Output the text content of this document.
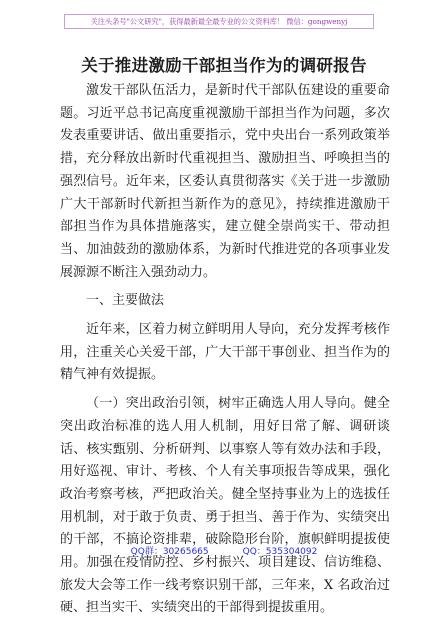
关注头条号"公文研究"，获得最新最全最专业的公文资料库！ 微信：gongwenyj
关于推进激励干部担当作为的调研报告

激发干部队伍活力，是新时代干部队伍建设的重要命题。习近平总书记高度重视激励干部担当作为问题，多次发表重要讲话、做出重要指示，党中央出台一系列政策举措，充分释放出新时代重视担当、激励担当、呼唤担当的强烈信号。近年来，区委认真贯彻落实《关于进一步激励广大干部新时代新担当新作为的意见》，持续推进激励干部担当作为具体措施落实，建立健全崇尚实干、带动担当、加油鼓劲的激励体系，为新时代推进党的各项事业发展源源不断注入强劲动力。

一、主要做法

近年来，区着力树立鲜明用人导向，充分发挥考核作用，注重关心关爱干部，广大干部干事创业、担当作为的精气神有效提振。

（一）突出政治引领，树牢正确选人用人导向。健全突出政治标准的选人用人机制，用好日常了解、调研谈话、核实甄别、分析研判、以事察人等有效办法和手段，用好巡视、审计、考核、个人有关事项报告等成果，强化政治考察考核，严把政治关。健全坚持事业为上的选拔任用机制，对于敢于负责、勇于担当、善于作为、实绩突出的干部，不搞论资排辈，破除隐形台阶，旗帜鲜明提拔使用。加强在疫情防控、乡村振兴、项目建设、信访维稳、旅发大会等工作一线考察识别干部，三年来，X 名政治过硬、担当实干、实绩突出的干部得到提拔重用。

QQ群：30265665	QQ：535304092
